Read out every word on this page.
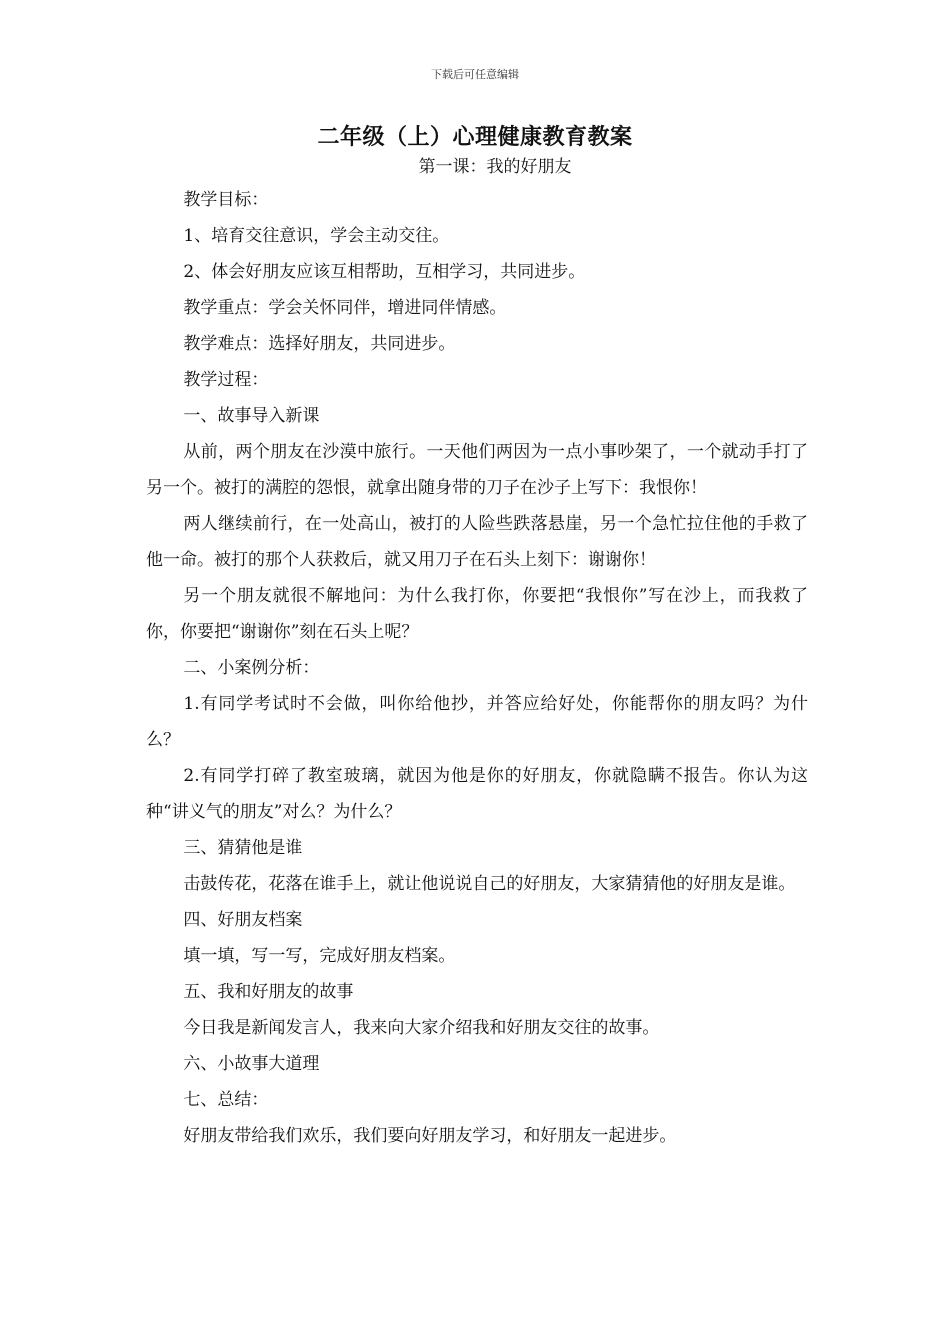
下载后可任意编辑
二年级（上）心理健康教育教案
第一课：我的好朋友

教学目标：

1、培育交往意识，学会主动交往。

2、体会好朋友应该互相帮助，互相学习，共同进步。

教学重点：学会关怀同伴，增进同伴情感。

教学难点：选择好朋友，共同进步。

教学过程：

一、故事导入新课

从前，两个朋友在沙漠中旅行。一天他们两因为一点小事吵架了，一个就动手打了另一个。被打的满腔的怨恨，就拿出随身带的刀子在沙子上写下：我恨你！

两人继续前行，在一处高山，被打的人险些跌落悬崖，另一个急忙拉住他的手救了他一命。被打的那个人获救后，就又用刀子在石头上刻下：谢谢你！

另一个朋友就很不解地问：为什么我打你，你要把“我恨你”写在沙上，而我救了你，你要把“谢谢你”刻在石头上呢？

二、小案例分析：

1.有同学考试时不会做，叫你给他抄，并答应给好处，你能帮你的朋友吗？为什么？

2.有同学打碎了教室玻璃，就因为他是你的好朋友，你就隐瞒不报告。你认为这种“讲义气的朋友”对么？为什么？

三、猜猜他是谁

击鼓传花，花落在谁手上，就让他说说自己的好朋友，大家猜猜他的好朋友是谁。

四、好朋友档案

填一填，写一写，完成好朋友档案。

五、我和好朋友的故事

今日我是新闻发言人，我来向大家介绍我和好朋友交往的故事。

六、小故事大道理

七、总结：

好朋友带给我们欢乐，我们要向好朋友学习，和好朋友一起进步。
